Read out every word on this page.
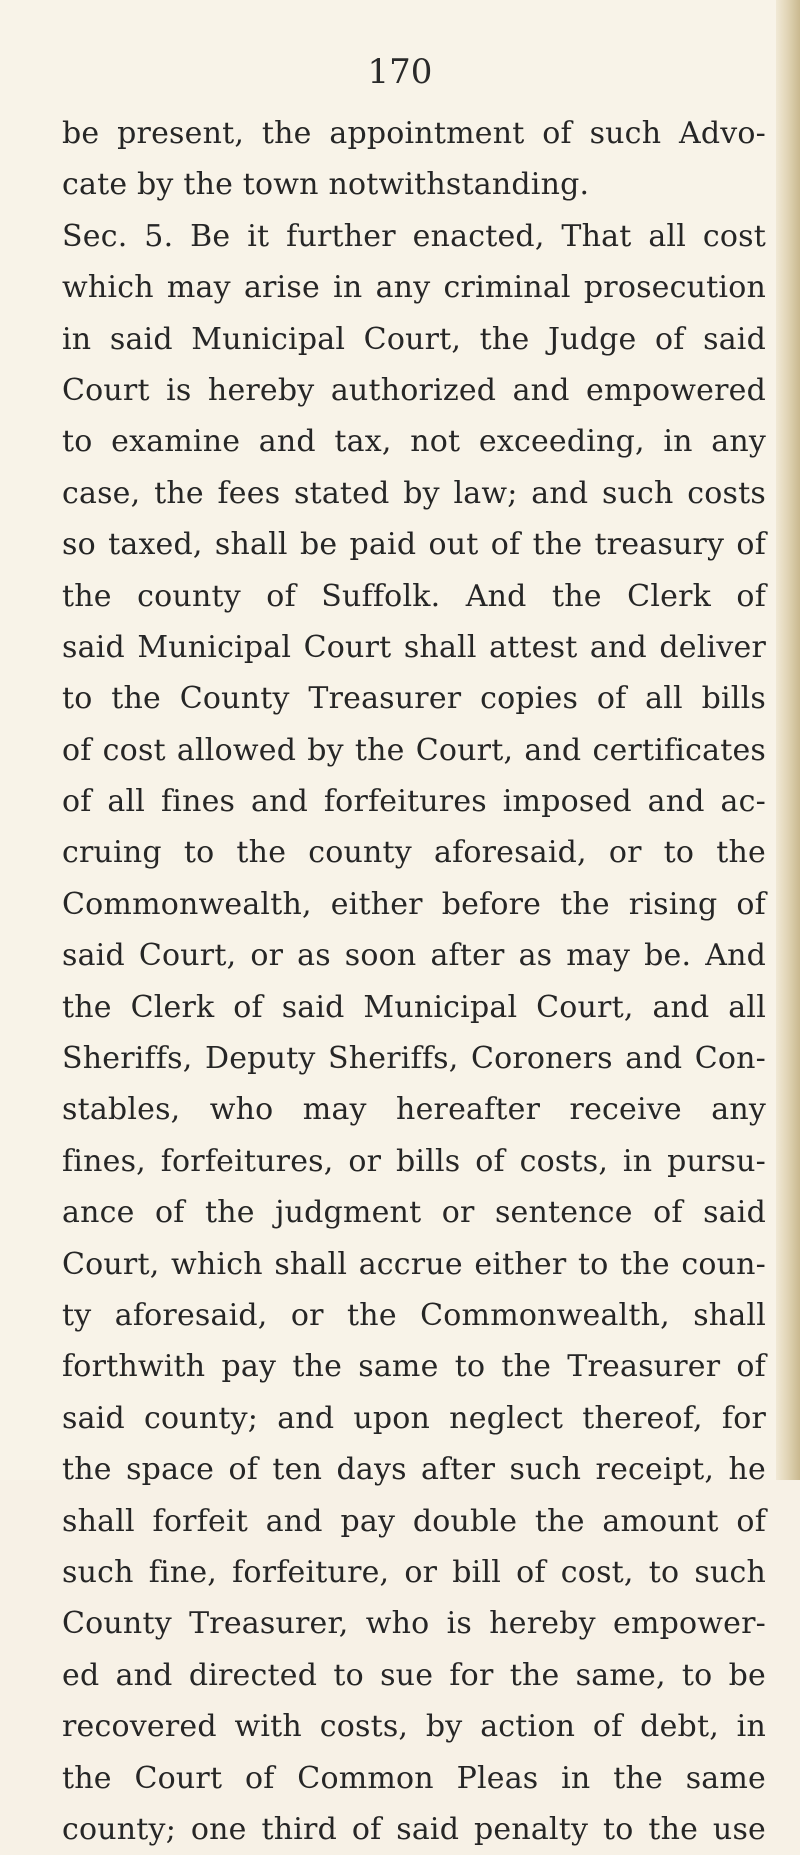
170

be present, the appointment of such Advo-
cate by the town notwithstanding.
Sec. 5. Be it further enacted, That all cost
which may arise in any criminal prosecution
in said Municipal Court, the Judge of said
Court is hereby authorized and empowered
to examine and tax, not exceeding, in any
case, the fees stated by law; and such costs
so taxed, shall be paid out of the treasury of
the county of Suffolk. And the Clerk of
said Municipal Court shall attest and deliver
to the County Treasurer copies of all bills
of cost allowed by the Court, and certificates
of all fines and forfeitures imposed and ac-
cruing to the county aforesaid, or to the
Commonwealth, either before the rising of
said Court, or as soon after as may be. And
the Clerk of said Municipal Court, and all
Sheriffs, Deputy Sheriffs, Coroners and Con-
stables, who may hereafter receive any
fines, forfeitures, or bills of costs, in pursu-
ance of the judgment or sentence of said
Court, which shall accrue either to the coun-
ty aforesaid, or the Commonwealth, shall
forthwith pay the same to the Treasurer of
said county; and upon neglect thereof, for
the space of ten days after such receipt, he
shall forfeit and pay double the amount of
such fine, forfeiture, or bill of cost, to such
County Treasurer, who is hereby empower-
ed and directed to sue for the same, to be
recovered with costs, by action of debt, in
the Court of Common Pleas in the same
county; one third of said penalty to the use
